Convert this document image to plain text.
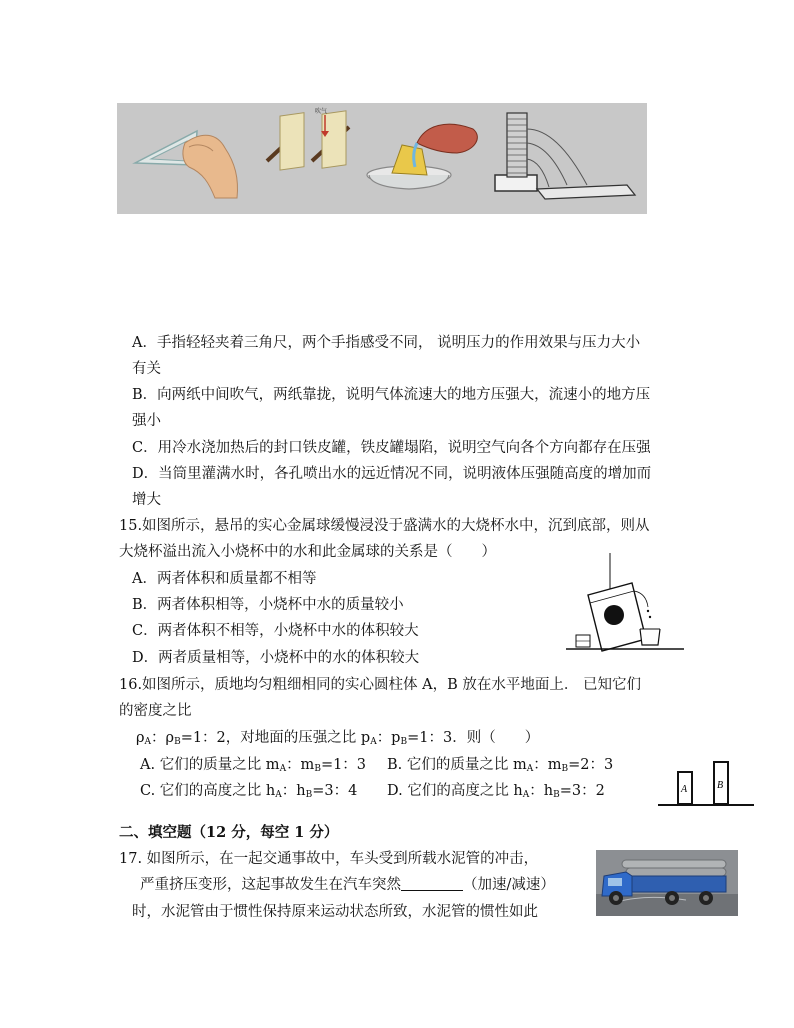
吹气
A．手指轻轻夹着三角尺，两个手指感受不同， 说明压力的作用效果与压力大小
有关
B．向两纸中间吹气，两纸靠拢，说明气体流速大的地方压强大，流速小的地方压
强小
C．用冷水浇加热后的封口铁皮罐，铁皮罐塌陷，说明空气向各个方向都存在压强
D．当筒里灌满水时，各孔喷出水的远近情况不同，说明液体压强随高度的增加而
增大
15.如图所示，悬吊的实心金属球缓慢浸没于盛满水的大烧杯水中，沉到底部，则从
大烧杯溢出流入小烧杯中的水和此金属球的关系是（　　）
A．两者体积和质量都不相等
B．两者体积相等，小烧杯中水的质量较小
C．两者体积不相等，小烧杯中水的体积较大
D．两者质量相等，小烧杯中的水的体积较大
16.如图所示，质地均匀粗细相同的实心圆柱体 A，B 放在水平地面上． 已知它们
的密度之比
$\rho_A$：$\rho_B=1$：2，对地面的压强之比 $p_A$：$p_B=1$：3．则（　　）
A. 它们的质量之比 $m_A$：$m_B=1$：3 B. 它们的质量之比 $m_A$：$m_B=2$：3
C. 它们的高度之比 $h_A$：$h_B=3$：4 D. 它们的高度之比 $h_A$：$h_B=3$：2	A	B
二、填空题（12 分，每空 1 分）
17. 如图所示，在一起交通事故中，车头受到所载水泥管的冲击，
严重挤压变形，这起事故发生在汽车突然	（加速/减速）
时，水泥管由于惯性保持原来运动状态所致，水泥管的惯性如此
